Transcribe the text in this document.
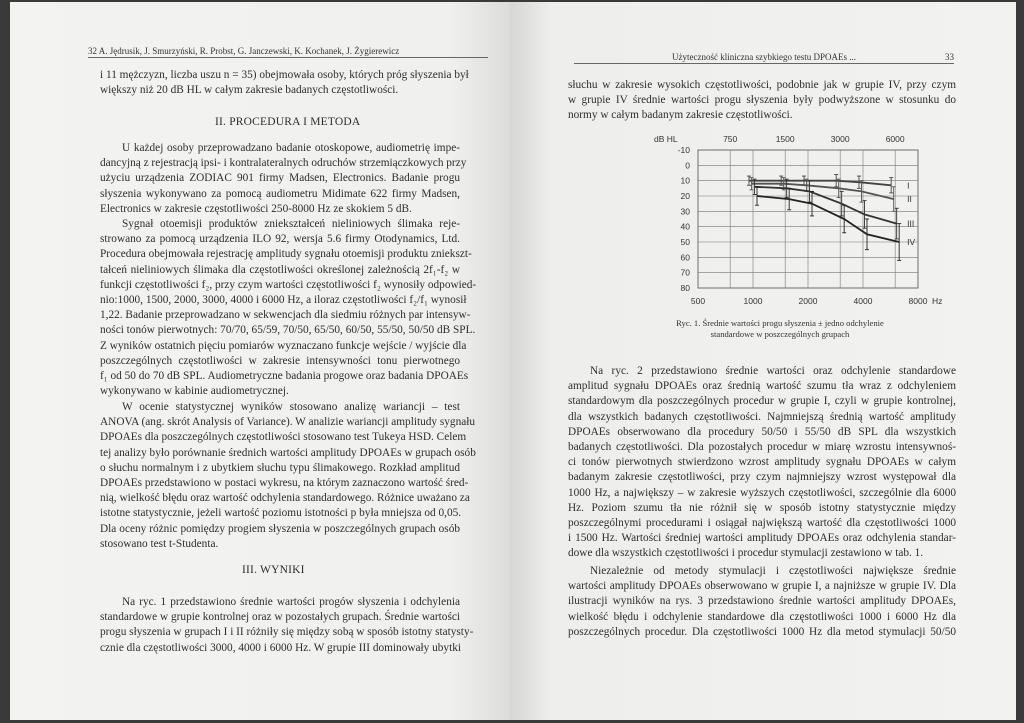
32 A. Jędrusik, J. Smurzyński, R. Probst, G. Janczewski, K. Kochanek, J. Żygierewicz
i 11 mężczyzn, liczba uszu n = 35) obejmowała osoby, których próg słyszenia był
większy niż 20 dB HL w całym zakresie badanych częstotliwości.
II. PROCEDURA I METODA
U każdej osoby przeprowadzano badanie otoskopowe, audiometrię impe-
dancyjną z rejestracją ipsi- i kontralateralnych odruchów strzemiączkowych przy
użyciu urządzenia ZODIAC 901 firmy Madsen, Electronics. Badanie progu
słyszenia wykonywano za pomocą audiometru Midimate 622 firmy Madsen,
Electronics w zakresie częstotliwości 250-8000 Hz ze skokiem 5 dB.
Sygnał otoemisji produktów zniekształceń nieliniowych ślimaka reje-
strowano za pomocą urządzenia ILO 92, wersja 5.6 firmy Otodynamics, Ltd.
Procedura obejmowała rejestrację amplitudy sygnału otoemisji produktu zniekszt-
tałceń nieliniowych ślimaka dla częstotliwości określonej zależnością 2f₁-f₂ w
funkcji częstotliwości f₂, przy czym wartości częstotliwości f₂ wynosiły odpowied-
nio:1000, 1500, 2000, 3000, 4000 i 6000 Hz, a iloraz częstotliwości f₂/f₁ wynosił
1,22. Badanie przeprowadzano w sekwencjach dla siedmiu różnych par intensyw-
ności tonów pierwotnych: 70/70, 65/59, 70/50, 65/50, 60/50, 55/50, 50/50 dB SPL.
Z wyników ostatnich pięciu pomiarów wyznaczano funkcje wejście / wyjście dla
poszczególnych częstotliwości w zakresie intensywności tonu pierwotnego
f₁ od 50 do 70 dB SPL. Audiometryczne badania progowe oraz badania DPOAEs
wykonywano w kabinie audiometrycznej.
W ocenie statystycznej wyników stosowano analizę wariancji – test
ANOVA (ang. skrót Analysis of Variance). W analizie wariancji amplitudy sygnału
DPOAEs dla poszczególnych częstotliwości stosowano test Tukeya HSD. Celem
tej analizy było porównanie średnich wartości amplitudy DPOAEs w grupach osób
o słuchu normalnym i z ubytkiem słuchu typu ślimakowego. Rozkład amplitud
DPOAEs przedstawiono w postaci wykresu, na którym zaznaczono wartość śred-
nią, wielkość błędu oraz wartość odchylenia standardowego. Różnice uważano za
istotne statystycznie, jeżeli wartość poziomu istotności p była mniejsza od 0,05.
Dla oceny różnic pomiędzy progiem słyszenia w poszczególnych grupach osób
stosowano test t-Studenta.
III. WYNIKI
Na ryc. 1 przedstawiono średnie wartości progów słyszenia i odchylenia
standardowe w grupie kontrolnej oraz w pozostałych grupach. Średnie wartości
progu słyszenia w grupach I i II różniły się między sobą w sposób istotny statysty-
cznie dla częstotliwości 3000, 4000 i 6000 Hz. W grupie III dominowały ubytki
Użyteczność kliniczna szybkiego testu DPOAEs ...	33
słuchu w zakresie wysokich częstotliwości, podobnie jak w grupie IV, przy czym
w grupie IV średnie wartości progu słyszenia były podwyższone w stosunku do
normy w całym badanym zakresie częstotliwości.
-10
0
10
20
30
40
50
60
70
80
dB HL	750	1500	3000	6000
500	1000	2000	4000	8000 Hz
I
II
III
IV
Ryc. 1. Średnie wartości progu słyszenia ± jedno odchylenie
standardowe w poszczególnych grupach
Na ryc. 2 przedstawiono średnie wartości oraz odchylenie standardowe
amplitud sygnału DPOAEs oraz średnią wartość szumu tła wraz z odchyleniem
standardowym dla poszczególnych procedur w grupie I, czyli w grupie kontrolnej,
dla wszystkich badanych częstotliwości. Najmniejszą średnią wartość amplitudy
DPOAEs obserwowano dla procedury 50/50 i 55/50 dB SPL dla wszystkich
badanych częstotliwości. Dla pozostałych procedur w miarę wzrostu intensywnoś-
ci tonów pierwotnych stwierdzono wzrost amplitudy sygnału DPOAEs w całym
badanym zakresie częstotliwości, przy czym najmniejszy wzrost występował dla
1000 Hz, a największy – w zakresie wyższych częstotliwości, szczególnie dla 6000
Hz. Poziom szumu tła nie różnił się w sposób istotny statystycznie między
poszczególnymi procedurami i osiągał największą wartość dla częstotliwości 1000
i 1500 Hz. Wartości średniej wartości amplitudy DPOAEs oraz odchylenia standar-
dowe dla wszystkich częstotliwości i procedur stymulacji zestawiono w tab. 1.
Niezależnie od metody stymulacji i częstotliwości największe średnie
wartości amplitudy DPOAEs obserwowano w grupie I, a najniższe w grupie IV. Dla
ilustracji wyników na rys. 3 przedstawiono średnie wartości amplitudy DPOAEs,
wielkość błędu i odchylenie standardowe dla częstotliwości 1000 i 6000 Hz dla
poszczególnych procedur. Dla częstotliwości 1000 Hz dla metod stymulacji 50/50
